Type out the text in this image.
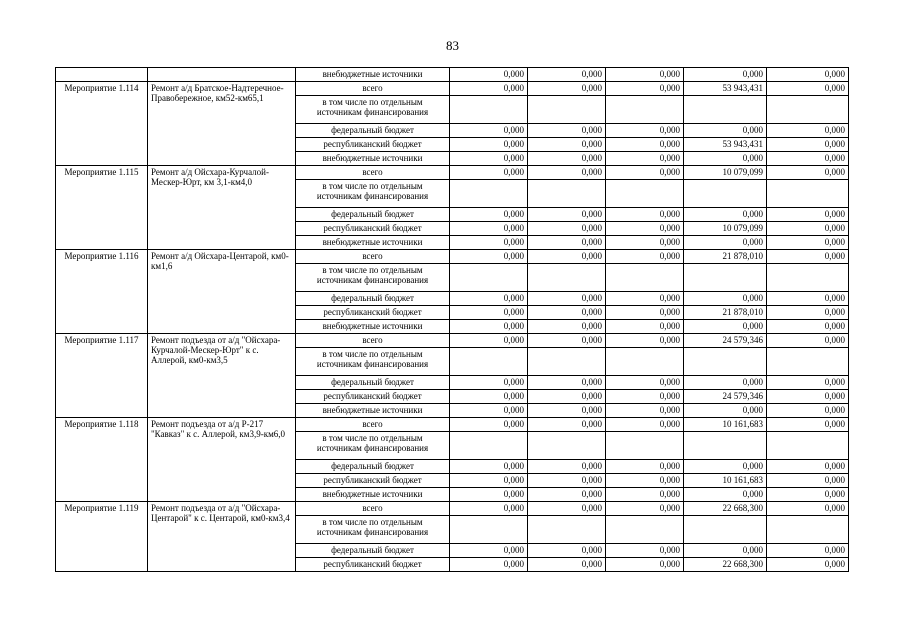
83
		внебюджетные источники	0,000	0,000	0,000	0,000	0,000
Мероприятие 1.114	Ремонт а/д Братское-Надтеречное-Правобережное, км52-км65,1	всего	0,000	0,000	0,000	53 943,431	0,000
		в том числе по отдельным источникам финансирования					
		федеральный бюджет	0,000	0,000	0,000	0,000	0,000
		республиканский бюджет	0,000	0,000	0,000	53 943,431	0,000
		внебюджетные источники	0,000	0,000	0,000	0,000	0,000
Мероприятие 1.115	Ремонт а/д Ойсхара-Курчалой-Мескер-Юрт, км 3,1-км4,0	всего	0,000	0,000	0,000	10 079,099	0,000
		в том числе по отдельным источникам финансирования					
		федеральный бюджет	0,000	0,000	0,000	0,000	0,000
		республиканский бюджет	0,000	0,000	0,000	10 079,099	0,000
		внебюджетные источники	0,000	0,000	0,000	0,000	0,000
Мероприятие 1.116	Ремонт а/д Ойсхара-Центарой, км0-км1,6	всего	0,000	0,000	0,000	21 878,010	0,000
		в том числе по отдельным источникам финансирования					
		федеральный бюджет	0,000	0,000	0,000	0,000	0,000
		республиканский бюджет	0,000	0,000	0,000	21 878,010	0,000
		внебюджетные источники	0,000	0,000	0,000	0,000	0,000
Мероприятие 1.117	Ремонт подъезда от а/д "Ойсхара-Курчалой-Мескер-Юрт" к с. Аллерой, км0-км3,5	всего	0,000	0,000	0,000	24 579,346	0,000
		в том числе по отдельным источникам финансирования					
		федеральный бюджет	0,000	0,000	0,000	0,000	0,000
		республиканский бюджет	0,000	0,000	0,000	24 579,346	0,000
		внебюджетные источники	0,000	0,000	0,000	0,000	0,000
Мероприятие 1.118	Ремонт подъезда от а/д Р-217 "Кавказ" к с. Аллерой, км3,9-км6,0	всего	0,000	0,000	0,000	10 161,683	0,000
		в том числе по отдельным источникам финансирования					
		федеральный бюджет	0,000	0,000	0,000	0,000	0,000
		республиканский бюджет	0,000	0,000	0,000	10 161,683	0,000
		внебюджетные источники	0,000	0,000	0,000	0,000	0,000
Мероприятие 1.119	Ремонт подъезда от а/д "Ойсхара-Центарой" к с. Центарой, км0-км3,4	всего	0,000	0,000	0,000	22 668,300	0,000
		в том числе по отдельным источникам финансирования					
		федеральный бюджет	0,000	0,000	0,000	0,000	0,000
		республиканский бюджет	0,000	0,000	0,000	22 668,300	0,000
